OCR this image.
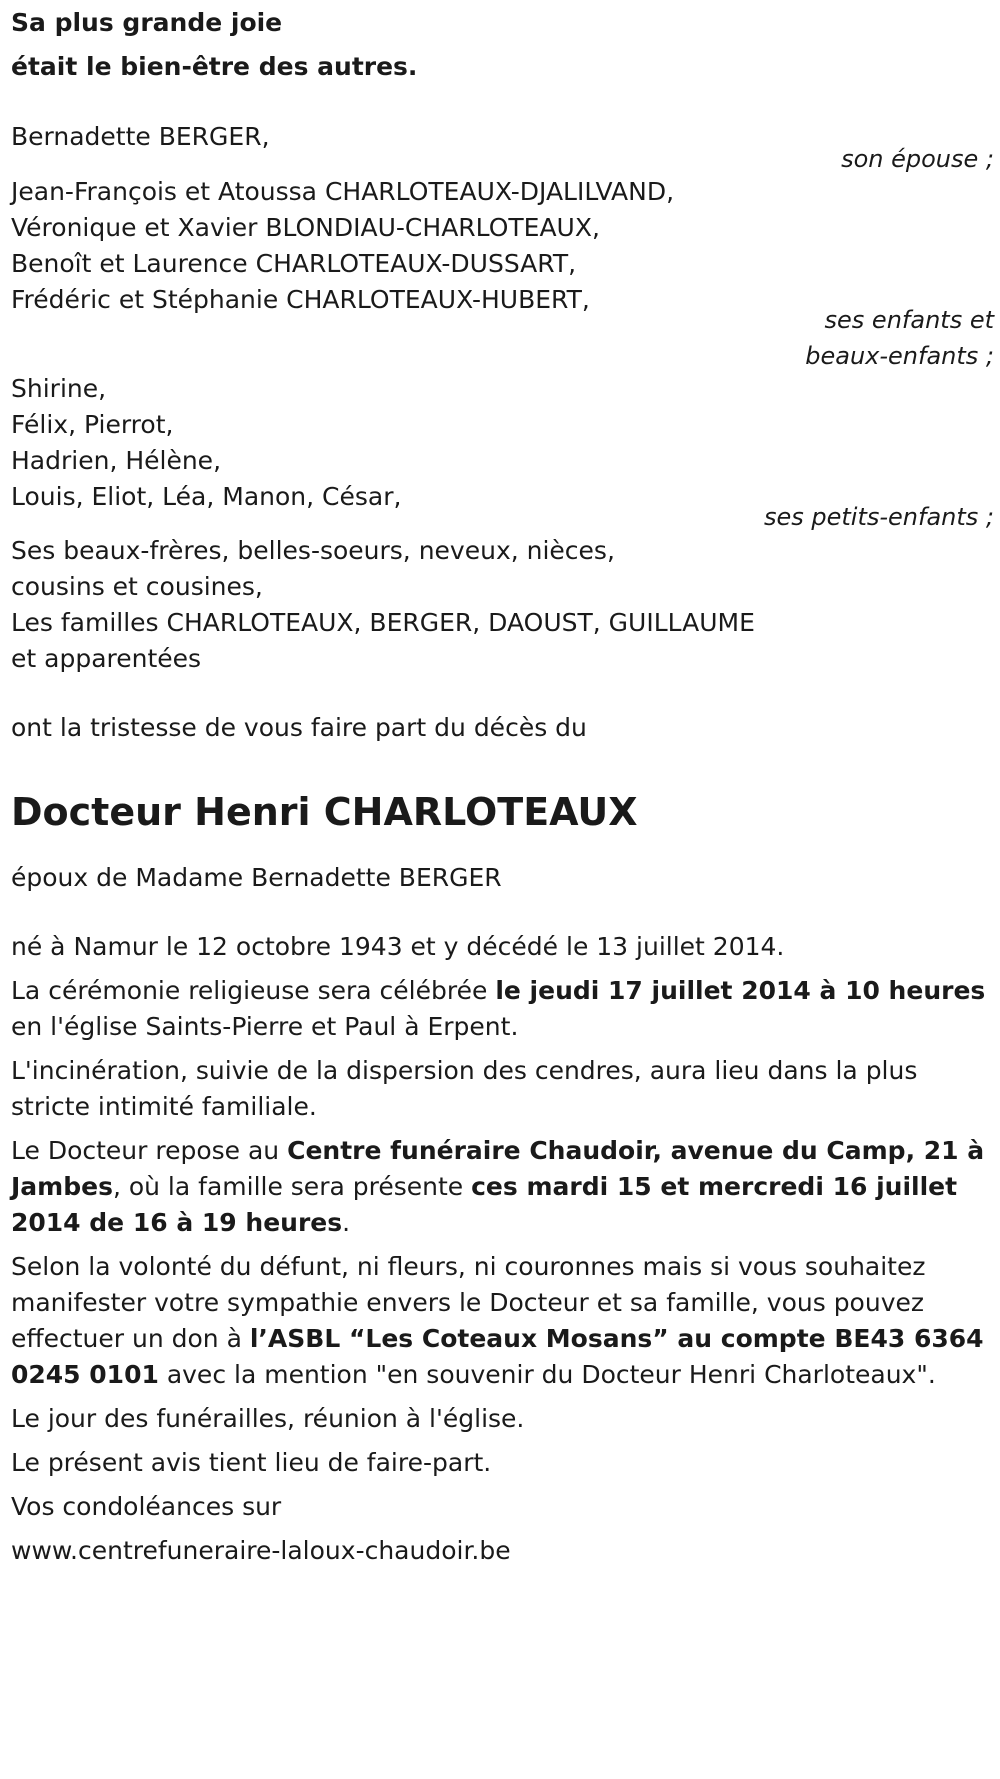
Sa plus grande joie
était le bien-être des autres.
Bernadette BERGER,
son épouse ;
Jean-François et Atoussa CHARLOTEAUX-DJALILVAND,
Véronique et Xavier BLONDIAU-CHARLOTEAUX,
Benoît et Laurence CHARLOTEAUX-DUSSART,
Frédéric et Stéphanie CHARLOTEAUX-HUBERT,
ses enfants et
beaux-enfants ;
Shirine,
Félix, Pierrot,
Hadrien, Hélène,
Louis, Eliot, Léa, Manon, César,
ses petits-enfants ;
Ses beaux-frères, belles-soeurs, neveux, nièces,
cousins et cousines,
Les familles CHARLOTEAUX, BERGER, DAOUST, GUILLAUME
et apparentées
ont la tristesse de vous faire part du décès du
Docteur Henri CHARLOTEAUX
époux de Madame Bernadette BERGER
né à Namur le 12 octobre 1943 et y décédé le 13 juillet 2014.
La cérémonie religieuse sera célébrée le jeudi 17 juillet 2014 à 10 heures
en l'église Saints-Pierre et Paul à Erpent.
L'incinération, suivie de la dispersion des cendres, aura lieu dans la plus
stricte intimité familiale.
Le Docteur repose au Centre funéraire Chaudoir, avenue du Camp, 21 à
Jambes, où la famille sera présente ces mardi 15 et mercredi 16 juillet
2014 de 16 à 19 heures.
Selon la volonté du défunt, ni fleurs, ni couronnes mais si vous souhaitez
manifester votre sympathie envers le Docteur et sa famille, vous pouvez
effectuer un don à l’ASBL “Les Coteaux Mosans” au compte BE43 6364
0245 0101 avec la mention "en souvenir du Docteur Henri Charloteaux".
Le jour des funérailles, réunion à l'église.
Le présent avis tient lieu de faire-part.
Vos condoléances sur
www.centrefuneraire-laloux-chaudoir.be
